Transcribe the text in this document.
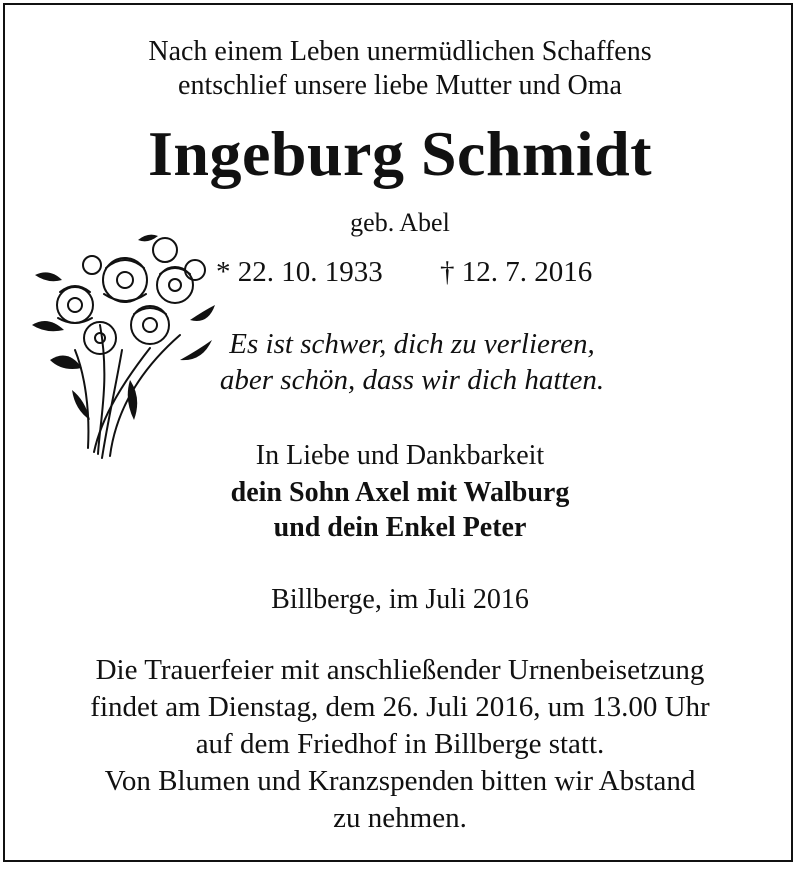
Nach einem Leben unermüdlichen Schaffens
entschlief unsere liebe Mutter und Oma
Ingeburg Schmidt
geb. Abel
* 22. 10. 1933 † 12. 7. 2016
Es ist schwer, dich zu verlieren,
aber schön, dass wir dich hatten.
In Liebe und Dankbarkeit
dein Sohn Axel mit Walburg
und dein Enkel Peter
Billberge, im Juli 2016
Die Trauerfeier mit anschließender Urnenbeisetzung
findet am Dienstag, dem 26. Juli 2016, um 13.00 Uhr
auf dem Friedhof in Billberge statt.
Von Blumen und Kranzspenden bitten wir Abstand
zu nehmen.
